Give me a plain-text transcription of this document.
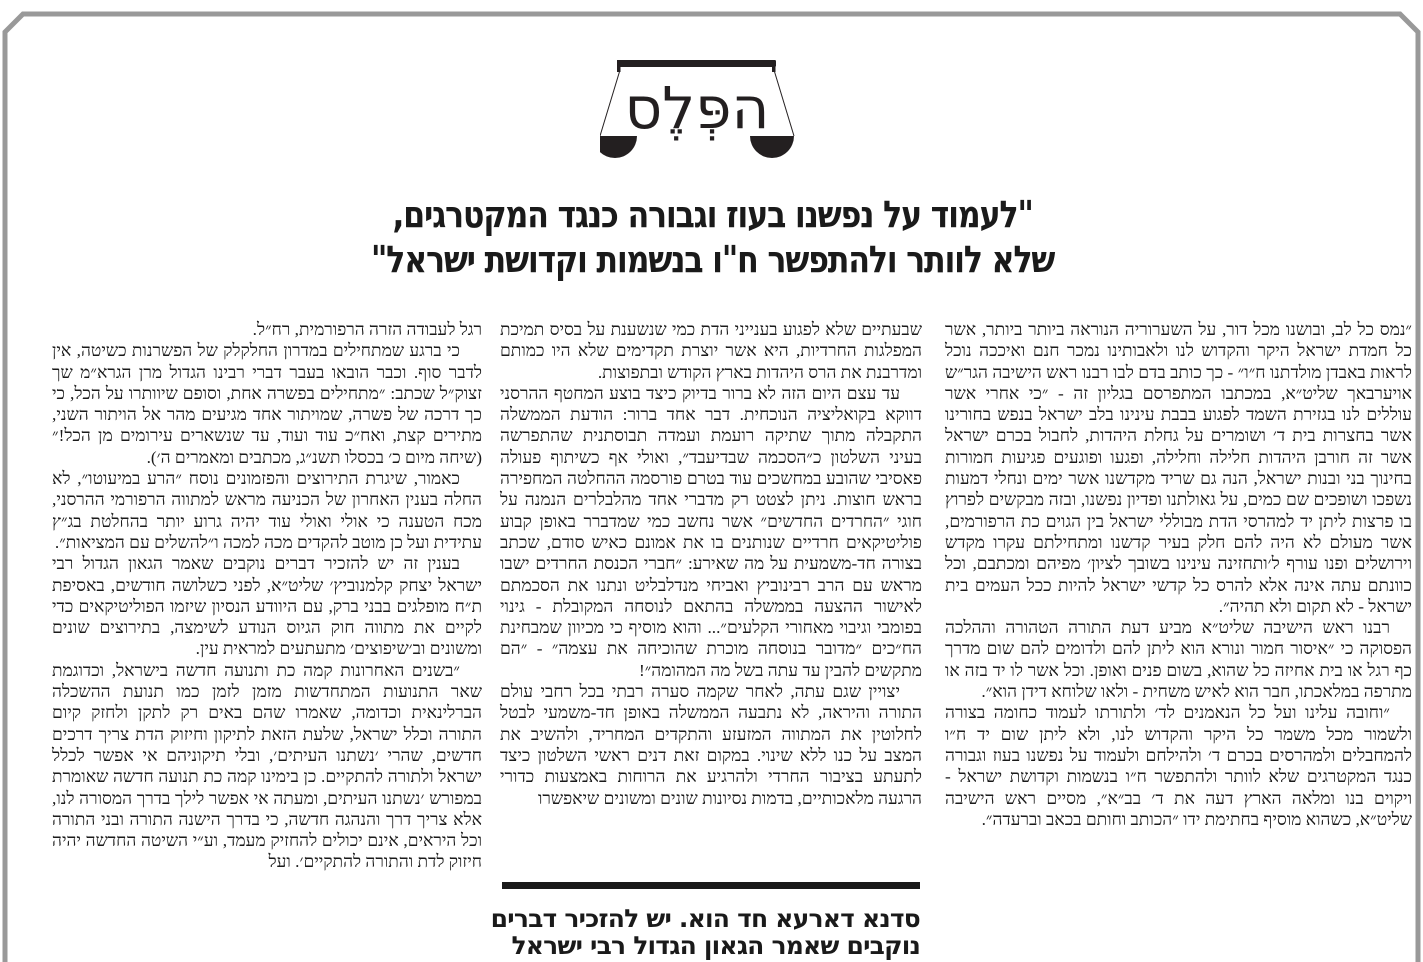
הפְּלֶס
"לעמוד על נפשנו בעוז וגבורה כנגד המקטרגים,
שלא לוותר ולהתפשר ח"ו בנשמות וקדושת ישראל"

״נמס כל לב, ובושנו מכל דור, על השערוריה הנוראה ביותר ביותר, אשר כל חמדת ישראל היקר והקדוש לנו ולאבותינו נמכר חנם ואיככה נוכל לראות באבדן מולדתנו ח״ו״ - כך כותב בדם לבו רבנו ראש הישיבה הגר״ש אויערבאך שליט״א, במכתבו המתפרסם בגליון זה - ״כי אחרי אשר עוללים לנו בגזירת השמד לפגוע בבבת עינינו בלב ישראל בנפש בחורינו אשר בחצרות בית ד׳ ושומרים על גחלת היהדות, לחבול בכרם ישראל אשר זה חורבן היהדות חלילה וחלילה, ופגעו ופוגעים פגיעות חמורות בחינוך בני ובנות ישראל, הנה גם שריד מקדשנו אשר ימים ונחלי דמעות נשפכו ושופכים שם כמים, על גאולתנו ופדיון נפשנו, ובזה מבקשים לפרוץ בו פרצות ליתן יד למהרסי הדת מבוללי ישראל בין הגוים כת הרפורמים, אשר מעולם לא היה להם חלק בעיר קדשנו ומתחילתם עקרו מקדש וירושלים ופנו עורף ל׳ותחזינה עינינו בשובך לציון׳ מפיהם ומכתבם, וכל כוונתם עתה אינה אלא להרס כל קדשי ישראל להיות ככל העמים בית ישראל - לא תקום ולא תהיה״.

רבנו ראש הישיבה שליט״א מביע דעת התורה הטהורה וההלכה הפסוקה כי ״איסור חמור ונורא הוא ליתן להם ולדומים להם שום מדרך כף רגל או בית אחיזה כל שהוא, בשום פנים ואופן. וכל אשר לו יד בזה או מתרפה במלאכתו, חבר הוא לאיש משחית - ולאו שלוחא דידן הוא״.

״וחובה עלינו ועל כל הנאמנים לד׳ ולתורתו לעמוד כחומה בצורה ולשמור מכל משמר כל היקר והקדוש לנו, ולא ליתן שום יד ח״ו להמחבלים ולמהרסים בכרם ד׳ ולהילחם ולעמוד על נפשנו בעוז וגבורה כנגד המקטרגים שלא לוותר ולהתפשר ח״ו בנשמות וקדושת ישראל - ויקוים בנו ומלאה הארץ דעה את ד׳ בב״א״, מסיים ראש הישיבה שליט״א, כשהוא מוסיף בחתימת ידו ״הכותב וחותם בכאב וברעדה״.

שבעתיים שלא לפגוע בענייני הדת כמי שנשענת על בסיס תמיכת המפלגות החרדיות, היא אשר יוצרת תקדימים שלא היו כמותם ומדרבנת את הרס היהדות בארץ הקודש ובתפוצות.

עד עצם היום הזה לא ברור בדיוק כיצד בוצע המחטף ההרסני דווקא בקואליציה הנוכחית. דבר אחד ברור: הודעת הממשלה התקבלה מתוך שתיקה רועמת ועמדה תבוסתנית שהתפרשה בעיני השלטון כ״הסכמה שבדיעבד״, ואולי אף כשיתוף פעולה פאסיבי שהובע במחשכים עוד בטרם פורסמה ההחלטה המחפירה בראש חוצות. ניתן לצטט רק מדברי אחד מהלבלרים הנמנה על חוגי ״החרדים החדשים״ אשר נחשב כמי שמדברר באופן קבוע פוליטיקאים חרדיים שנותנים בו את אמונם כאיש סודם, שכתב בצורה חד-משמעית על מה שאירע: ״חברי הכנסת החרדים ישבו מראש עם הרב רבינוביץ ואביחי מנדלבליט ונתנו את הסכמתם לאישור ההצעה בממשלה בהתאם לנוסחה המקובלת - גינוי בפומבי וגיבוי מאחורי הקלעים״... והוא מוסיף כי מכיוון שמבחינת הח״כים ״מדובר בנוסחה מוכרת שהוכיחה את עצמה״ - ״הם מתקשים להבין עד עתה בשל מה המהומה״!

יצויין שגם עתה, לאחר שקמה סערה רבתי בכל רחבי עולם התורה והיראה, לא נתבעה הממשלה באופן חד-משמעי לבטל לחלוטין את המתווה המזעזע והתקדים המחריד, ולהשיב את המצב על כנו ללא שינוי. במקום זאת דנים ראשי השלטון כיצד לתעתע בציבור החרדי ולהרגיע את הרוחות באמצעות כדורי הרגעה מלאכותיים, בדמות נסיונות שונים ומשונים שיאפשרו

רגל לעבודה הזרה הרפורמית, רח״ל.

כי ברגע שמתחילים במדרון החלקלק של הפשרנות כשיטה, אין לדבר סוף. וכבר הובאו בעבר דברי רבינו הגדול מרן הגרא״מ שך זצוק״ל שכתב: ״מתחילים בפשרה אחת, וסופם שיוותרו על הכל, כי כך דרכה של פשרה, שמויתור אחד מגיעים מהר אל הויתור השני, מתירים קצת, ואח״כ עוד ועוד, עד שנשארים עירומים מן הכל!״ (שיחה מיום כ׳ בכסלו תשנ״ג, מכתבים ומאמרים ה׳).

כאמור, שיגרת התירוצים והפזמונים נוסח ״הרע במיעוטו״, לא החלה בענין האחרון של הכניעה מראש למתווה הרפורמי ההרסני, מכח הטענה כי אולי ואולי עוד יהיה גרוע יותר בהחלטת בג״ץ עתידית ועל כן מוטב להקדים מכה למכה ו״להשלים עם המציאות״.

בענין זה יש להזכיר דברים נוקבים שאמר הגאון הגדול רבי ישראל יצחק קלמנוביץ׳ שליט״א, לפני כשלושה חודשים, באסיפת ת״ח מופלגים בבני ברק, עם היוודע הנסיון שיזמו הפוליטיקאים כדי לקיים את מתווה חוק הגיוס הנודע לשימצה, בתירוצים שונים ומשונים וב׳שיפוצים׳ מתעתעים למראית עין.

״בשנים האחרונות קמה כת ותנועה חדשה בישראל, וכדוגמת שאר התנועות המתחדשות מזמן לזמן כמו תנועת ההשכלה הברלינאית וכדומה, שאמרו שהם באים רק לתקן ולחזק קיום התורה וכלל ישראל, שלעת הזאת לתיקון וחיזוק הדת צריך דרכים חדשים, שהרי ׳נשתנו העיתים׳, ובלי תיקוניהם אי אפשר לכלל ישראל ולתורה להתקיים. כן בימינו קמה כת תנועה חדשה שאומרת במפורש ׳נשתנו העיתים, ומעתה אי אפשר לילך בדרך המסורה לנו, אלא צריך דרך והנהגה חדשה, כי בדרך הישנה התורה ובני התורה וכל היראים, אינם יכולים להחזיק מעמד, וע״י השיטה החדשה יהיה חיזוק לדת והתורה להתקיים׳. ועל

סדנא דארעא חד הוא. יש להזכיר דברים
נוקבים שאמר הגאון הגדול רבי ישראל
